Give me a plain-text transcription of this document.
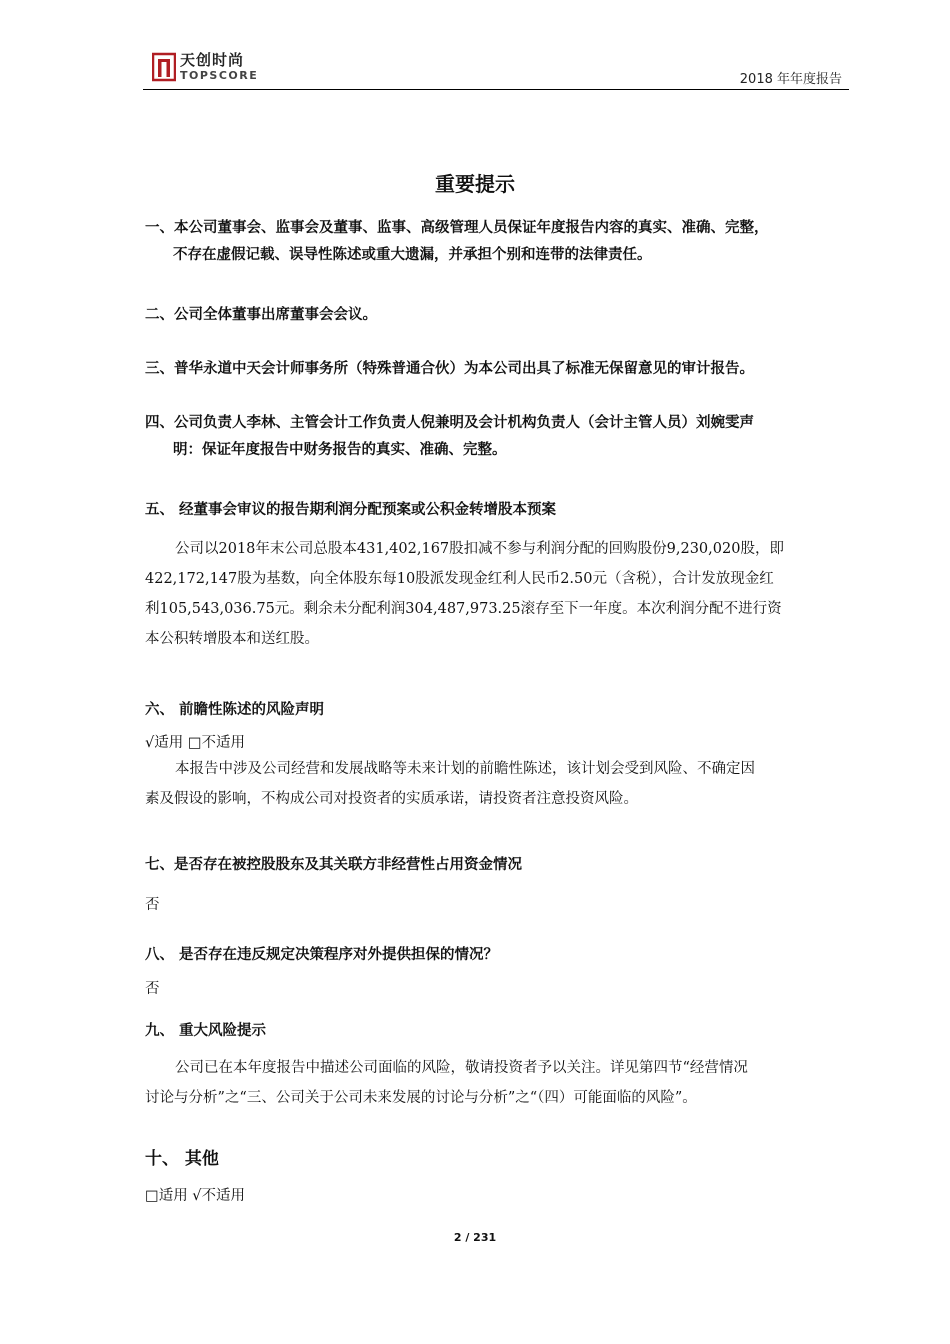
天创时尚
TOPSCORE	2018 年年度报告
重要提示
一、本公司董事会、监事会及董事、监事、高级管理人员保证年度报告内容的真实、准确、完整，
不存在虚假记载、误导性陈述或重大遗漏，并承担个别和连带的法律责任。
二、公司全体董事出席董事会会议。
三、普华永道中天会计师事务所（特殊普通合伙）为本公司出具了标准无保留意见的审计报告。
四、公司负责人李林、主管会计工作负责人倪兼明及会计机构负责人（会计主管人员）刘婉雯声
明：保证年度报告中财务报告的真实、准确、完整。
五、 经董事会审议的报告期利润分配预案或公积金转增股本预案
公司以2018年末公司总股本431,402,167股扣减不参与利润分配的回购股份9,230,020股，即
422,172,147股为基数，向全体股东每10股派发现金红利人民币2.50元（含税），合计发放现金红
利105,543,036.75元。剩余未分配利润304,487,973.25滚存至下一年度。本次利润分配不进行资
本公积转增股本和送红股。
六、 前瞻性陈述的风险声明
√适用 □不适用
本报告中涉及公司经营和发展战略等未来计划的前瞻性陈述，该计划会受到风险、不确定因
素及假设的影响，不构成公司对投资者的实质承诺，请投资者注意投资风险。
七、是否存在被控股股东及其关联方非经营性占用资金情况
否
八、 是否存在违反规定决策程序对外提供担保的情况？
否
九、 重大风险提示
公司已在本年度报告中描述公司面临的风险，敬请投资者予以关注。详见第四节“经营情况
讨论与分析”之“三、公司关于公司未来发展的讨论与分析”之“（四）可能面临的风险”。
十、 其他
□适用 √不适用
2 / 231
